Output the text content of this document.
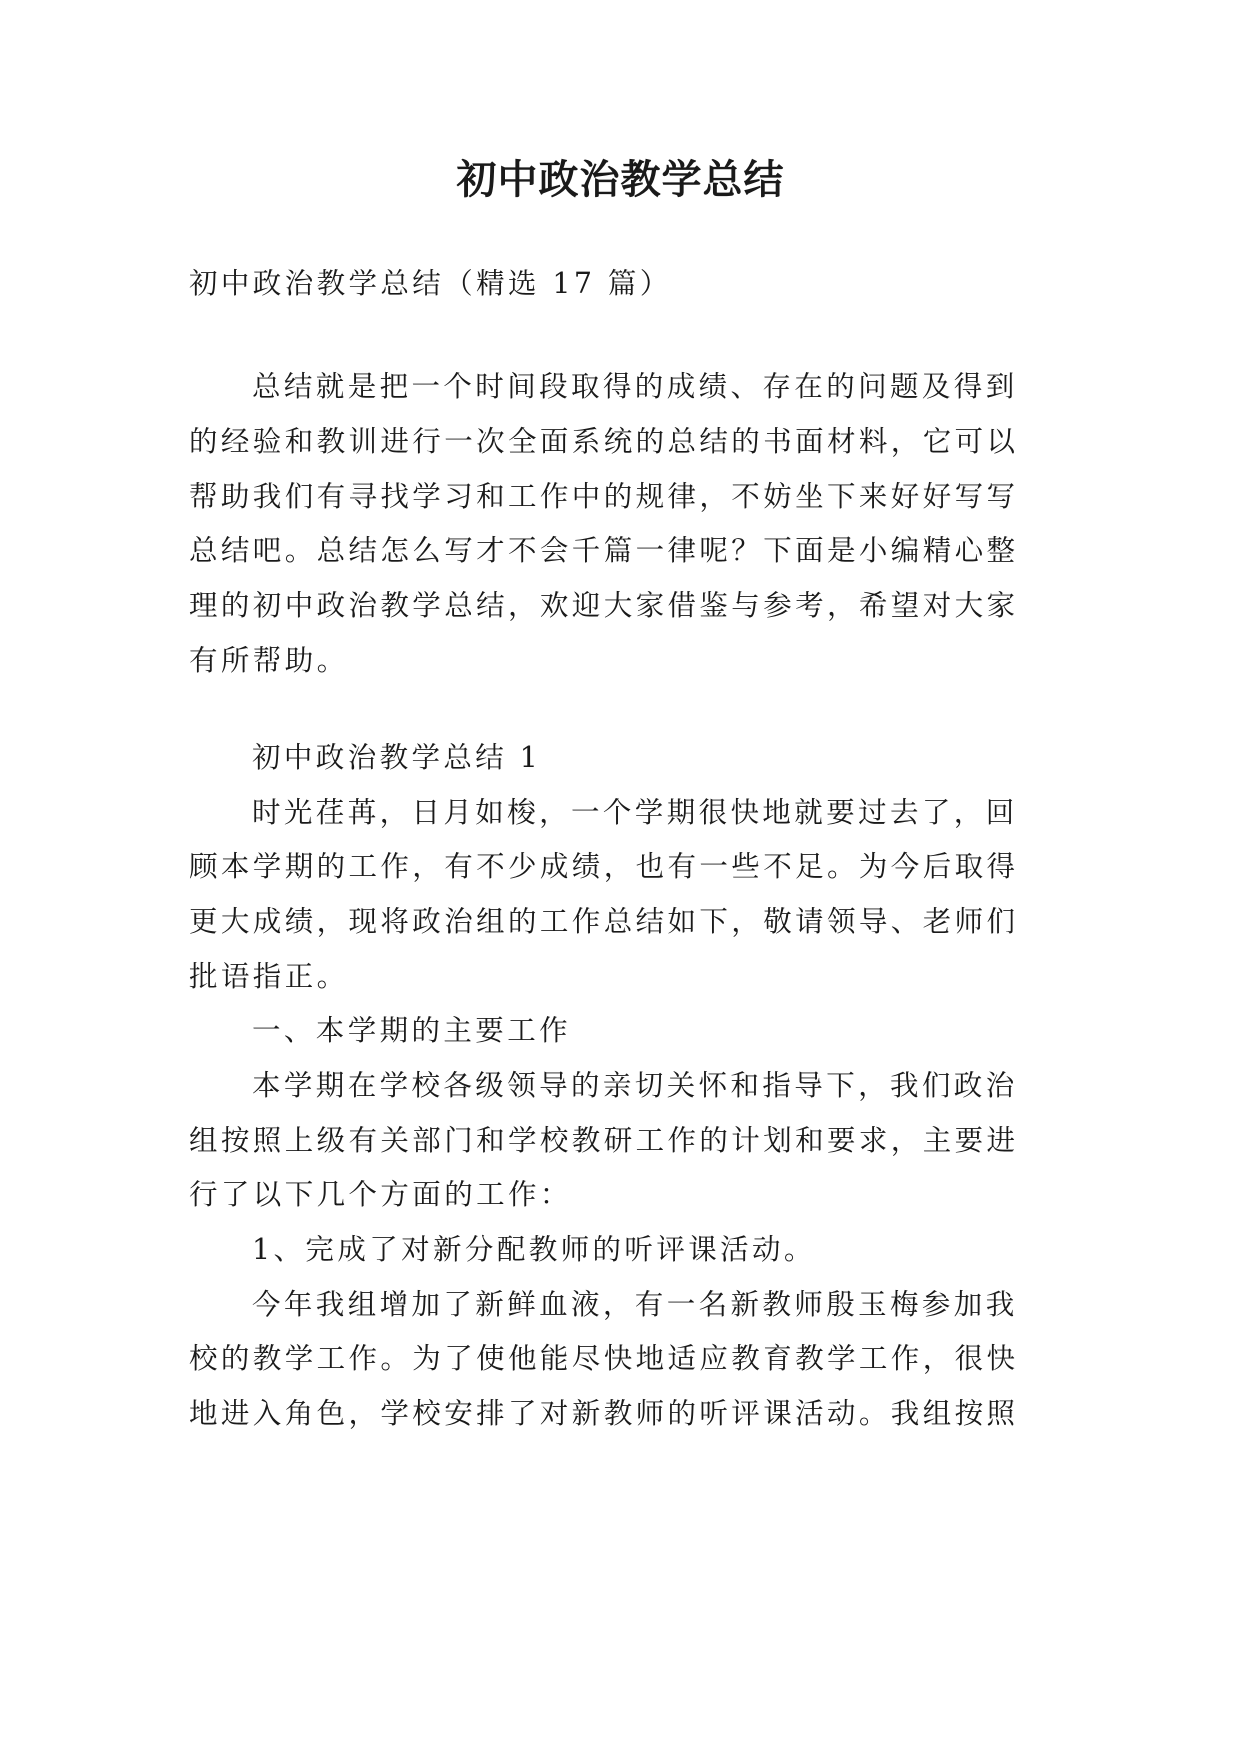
初中政治教学总结

初中政治教学总结（精选 17 篇）

总结就是把一个时间段取得的成绩、存在的问题及得到

的经验和教训进行一次全面系统的总结的书面材料，它可以

帮助我们有寻找学习和工作中的规律，不妨坐下来好好写写

总结吧。总结怎么写才不会千篇一律呢？下面是小编精心整

理的初中政治教学总结，欢迎大家借鉴与参考，希望对大家

有所帮助。

初中政治教学总结 1

时光荏苒，日月如梭，一个学期很快地就要过去了，回

顾本学期的工作，有不少成绩，也有一些不足。为今后取得

更大成绩，现将政治组的工作总结如下，敬请领导、老师们

批语指正。

一、本学期的主要工作

本学期在学校各级领导的亲切关怀和指导下，我们政治

组按照上级有关部门和学校教研工作的计划和要求，主要进

行了以下几个方面的工作：

1、完成了对新分配教师的听评课活动。

今年我组增加了新鲜血液，有一名新教师殷玉梅参加我

校的教学工作。为了使他能尽快地适应教育教学工作，很快

地进入角色，学校安排了对新教师的听评课活动。我组按照
